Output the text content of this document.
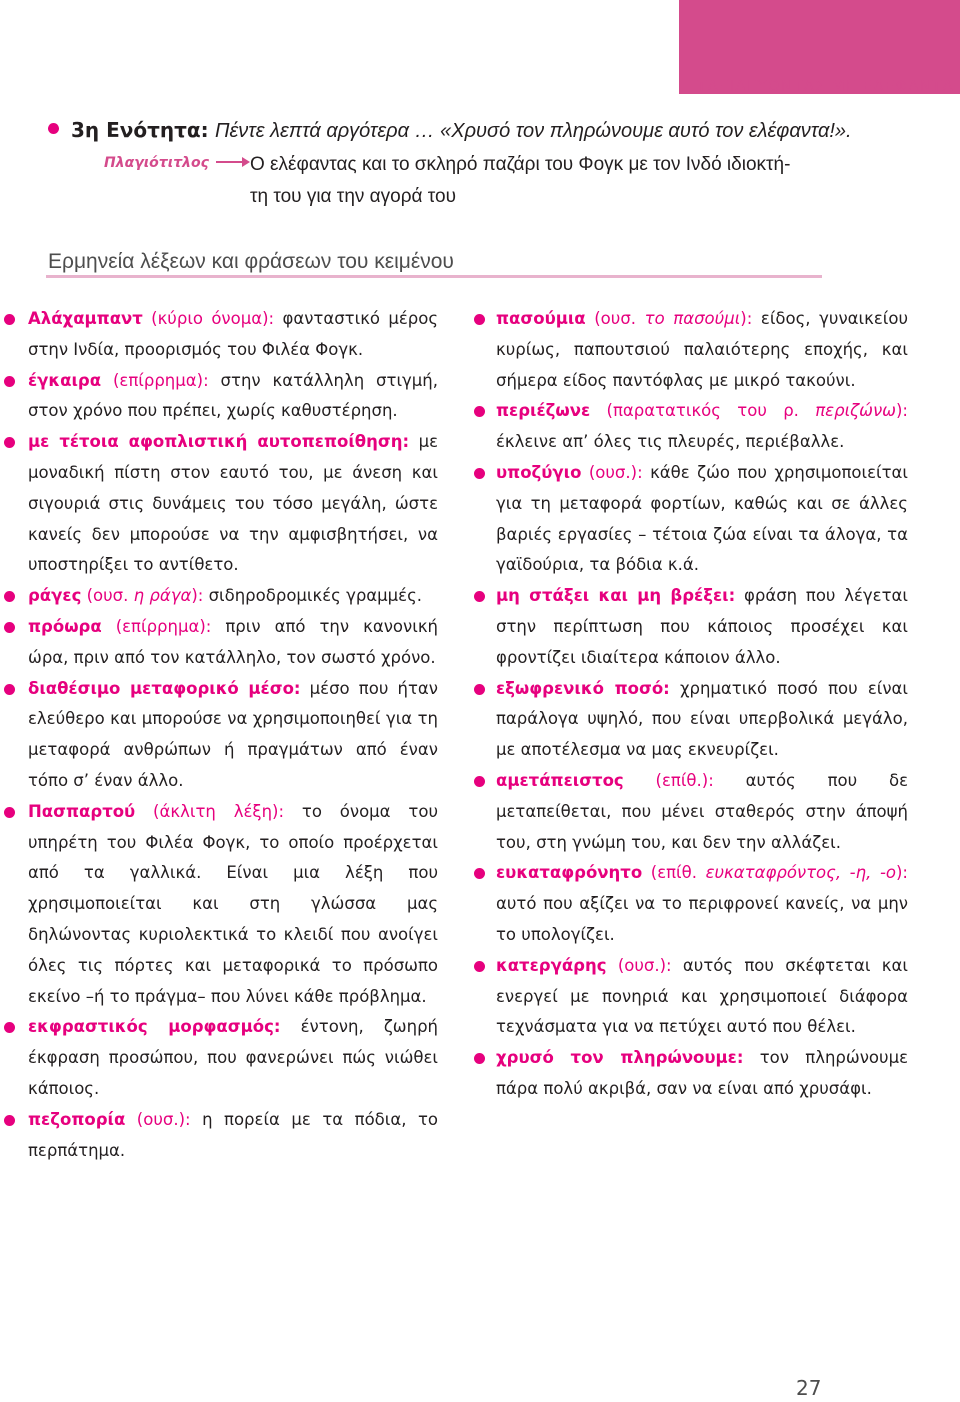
ΤΑΞΙΔΕΥΟΝΤΑΣ ΜΕ ΕΛΕΦΑΝΤΑ
3η Ενότητα: Πέντε λεπτά αργότερα … «Χρυσό τον πληρώνουμε αυτό τον ελέφαντα!».
Πλαγιότιτλος Ο ελέφαντας και το σκληρό παζάρι του Φογκ με τον Ινδό ιδιοκτή-
τη του για την αγορά του
Ερμηνεία λέξεων και φράσεων του κειμένου
Αλάχαμπαντ (κύριο όνομα): φανταστικό μέρος στην Ινδία, προορισμός του Φιλέα Φογκ.
έγκαιρα (επίρρημα): στην κατάλληλη στιγμή, στον χρόνο που πρέπει, χωρίς καθυστέρηση.
με τέτοια αφοπλιστική αυτοπεποίθηση: με μοναδική πίστη στον εαυτό του, με άνεση και σιγουριά στις δυνάμεις του τόσο μεγάλη, ώστε κανείς δεν μπορούσε να την αμφισβητήσει, να υποστηρίξει το αντίθετο.
ράγες (ουσ. η ράγα): σιδηροδρομικές γραμμές.
πρόωρα (επίρρημα): πριν από την κανονική ώρα, πριν από τον κατάλληλο, τον σωστό χρόνο.
διαθέσιμο μεταφορικό μέσο: μέσο που ήταν ελεύθερο και μπορούσε να χρησιμοποιηθεί για τη μεταφορά ανθρώπων ή πραγμάτων από έναν τόπο σ’ έναν άλλο.
Πασπαρτού (άκλιτη λέξη): το όνομα του υπηρέτη του Φιλέα Φογκ, το οποίο προέρχεται από τα γαλλικά. Είναι μια λέξη που χρησιμοποιείται και στη γλώσσα μας δηλώνοντας κυριολεκτικά το κλειδί που ανοίγει όλες τις πόρτες και μεταφορικά το πρόσωπο εκείνο –ή το πράγμα– που λύνει κάθε πρόβλημα.
εκφραστικός μορφασμός: έντονη, ζωηρή έκφραση προσώπου, που φανερώνει πώς νιώθει κάποιος.
πεζοπορία (ουσ.): η πορεία με τα πόδια, το περπάτημα.
πασούμια (ουσ. το πασούμι): είδος, γυναικείου κυρίως, παπουτσιού παλαιότερης εποχής, και σήμερα είδος παντόφλας με μικρό τακούνι.
περιέζωνε (παρατατικός του ρ. περιζώνω): έκλεινε απ’ όλες τις πλευρές, περιέβαλλε.
υποζύγιο (ουσ.): κάθε ζώο που χρησιμοποιείται για τη μεταφορά φορτίων, καθώς και σε άλλες βαριές εργασίες – τέτοια ζώα είναι τα άλογα, τα γαϊδούρια, τα βόδια κ.ά.
μη στάξει και μη βρέξει: φράση που λέγεται στην περίπτωση που κάποιος προσέχει και φροντίζει ιδιαίτερα κάποιον άλλο.
εξωφρενικό ποσό: χρηματικό ποσό που είναι παράλογα υψηλό, που είναι υπερβολικά μεγάλο, με αποτέλεσμα να μας εκνευρίζει.
αμετάπειστος (επίθ.): αυτός που δε μεταπείθεται, που μένει σταθερός στην άποψή του, στη γνώμη του, και δεν την αλλάζει.
ευκαταφρόνητο (επίθ. ευκαταφρόντος, -η, -ο): αυτό που αξίζει να το περιφρονεί κανείς, να μην το υπολογίζει.
κατεργάρης (ουσ.): αυτός που σκέφτεται και ενεργεί με πονηριά και χρησιμοποιεί διάφορα τεχνάσματα για να πετύχει αυτό που θέλει.
χρυσό τον πληρώνουμε: τον πληρώνουμε πάρα πολύ ακριβά, σαν να είναι από χρυσάφι.
27
